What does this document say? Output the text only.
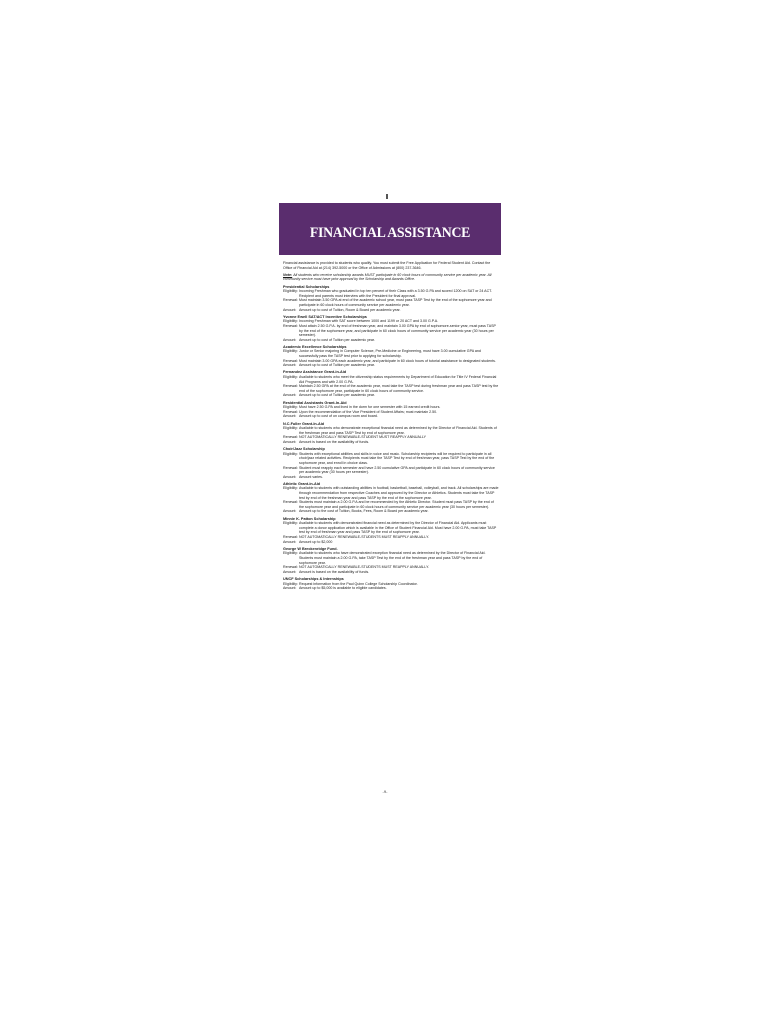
FINANCIAL ASSISTANCE

Financial assistance is provided to students who qualify. You must submit the Free Application for Federal Student Aid. Contact the Office of Financial Aid at (214) 392-5000 or the Office of Admissions at (800) 237-3646.

Note: All students who receive scholarship awards MUST participate in 60 clock hours of community service per academic year. All community service must have prior approval by the Scholarship and Awards Office.

Presidential Scholarships
Eligibility: Incoming Freshman who graduated in top ten percent of their Class with a 3.50 G.PA and scored 1200 on SAT or 24 ACT. Recipient and parents must interview with the President for final approval.
Renewal: Must maintain 3.50 GPA at end of the academic school year, must pass TASP Test by the end of the sophomore year and participate in 60 clock hours of community service per academic year.
Amount: Amount up to cost of Tuition, Room & Board per academic year.
Yvonne Ewell SAT/ACT Incentive Scholarships
Eligibility: Incoming Freshman with SAT score between 1000 and 1199 or 20 ACT and 3.00 G.P.A.
Renewal: Must attain 2.50 G.P.A. by end of freshman year, and maintain 3.00 GPA by end of sophomore-senior year, must pass TASP by the end of the sophomore year, and participate in 60 clock hours of community service per academic year (30 hours per semester).
Amount: Amount up to cost of Tuition per academic year.
Academic Excellence Scholarships
Eligibility: Junior or Senior majoring in Computer Science, Pre-Medicine or Engineering, must have 3.00 cumulative GPA and successfully pass the TASP test prior to applying for scholarship.
Renewal: Must maintain 3.00 GPA each academic year, and participate in 60 clock hours of tutorial assistance to designated students.
Amount: Amount up to cost of Tuition per academic year.
Fernandez Assistance Grant-in-Aid
Eligibility: Available to students who meet the citizenship status requirements by Department of Education for Title IV Federal Financial Aid Programs and with 2.00 G.PA.
Renewal: Maintain 2.50 GPA at the end of the academic year, must take the TASP test during freshman year and pass TASP test by the end of the sophomore year, participate in 60 clock hours of community service.
Amount: Amount up to cost of Tuition per academic year.
Residential Assistants Grant-In-Aid
Eligibility: Must have 2.50 G.PA and lived in the dorm for one semester with 15 earned credit hours.
Renewal: Upon the recommendation of the Vice President of Student Affairs; must maintain 2.50.
Amount: Amount up to cost of on campus room and board.
N.C.Fuller Grant-In-Aid
Eligibility: Available to students who demonstrate exceptional financial need as determined by the Director of Financial Aid. Students of the freshman year and pass TASP Test by end of sophomore year.
Renewal: NOT AUTOMATICALLY RENEWABLE-STUDENT MUST REAPPLY ANNUALLY
Amount: Amount is based on the availability of funds.
Choir/Jazz Scholarship
Eligibility: Students with exceptional abilities and skills in voice and music. Scholarship recipients will be required to participate in all choir/jazz related activities. Recipients must take the TASP Test by end of freshman year, pass TASP Test by the end of the sophomore year, and enroll in choice class.
Renewal: Student must reapply each semester and have 2.50 cumulative GPA and participate in 60 clock hours of community service per academic year (30 hours per semester).
Amount: Amount varies.
Athletic Grant-in-Aid
Eligibility: Available to students with outstanding abilities in football, basketball, baseball, volleyball, and track. All scholarships are made through recommendation from respective Coaches and approved by the Director or Athletics. Students must take the TASP test by end of the freshman year and pass TASP by the end of the sophomore year.
Renewal: Students must maintain a 2.00 G.P.A and be recommended by the Athletic Director. Student must pass TASP by the end of the sophomore year and participate in 60 clock hours of community service per academic year (30 hours per semester).
Amount: Amount up to the cost of Tuition, Books, Fees, Room & Board per academic year.
Minnie K. Patton Scholarship
Eligibility: Available to students with demonstrated financial need as determined by the Director of Financial Aid. Applicants must complete a donor application which is available in the Office of Student Financial Aid. Must have 2.00 G.PA, must take TASP test by end of freshman year and pass TASP by the end of sophomore year.
Renewal: NOT AUTOMATICALLY RENEWABLE-STUDENTS MUST REAPPLY ANNUALLY.
Amount: Amount up to $2,000
George W Breckenridge Fund.
Eligibility: Available to students who have demonstrated exception financial need as determined by the Director of Financial Aid. Students must maintain a 2.00 G.PA, take TASP Test by the end of the freshman year and pass TASP by the end of sophomore year.
Renewal: NOT AUTOMATICALLY RENEWABLE-STUDENTS MUST REAPPLY ANNUALLY.
Amount: Amount is based on the availability of funds.
UNCF Scholarships & Internships
Eligibility: Request information from the Paul Quinn College Scholarship Coordinator.
Amount: Amount up to $5,000 is available to eligible candidates.
-9-
